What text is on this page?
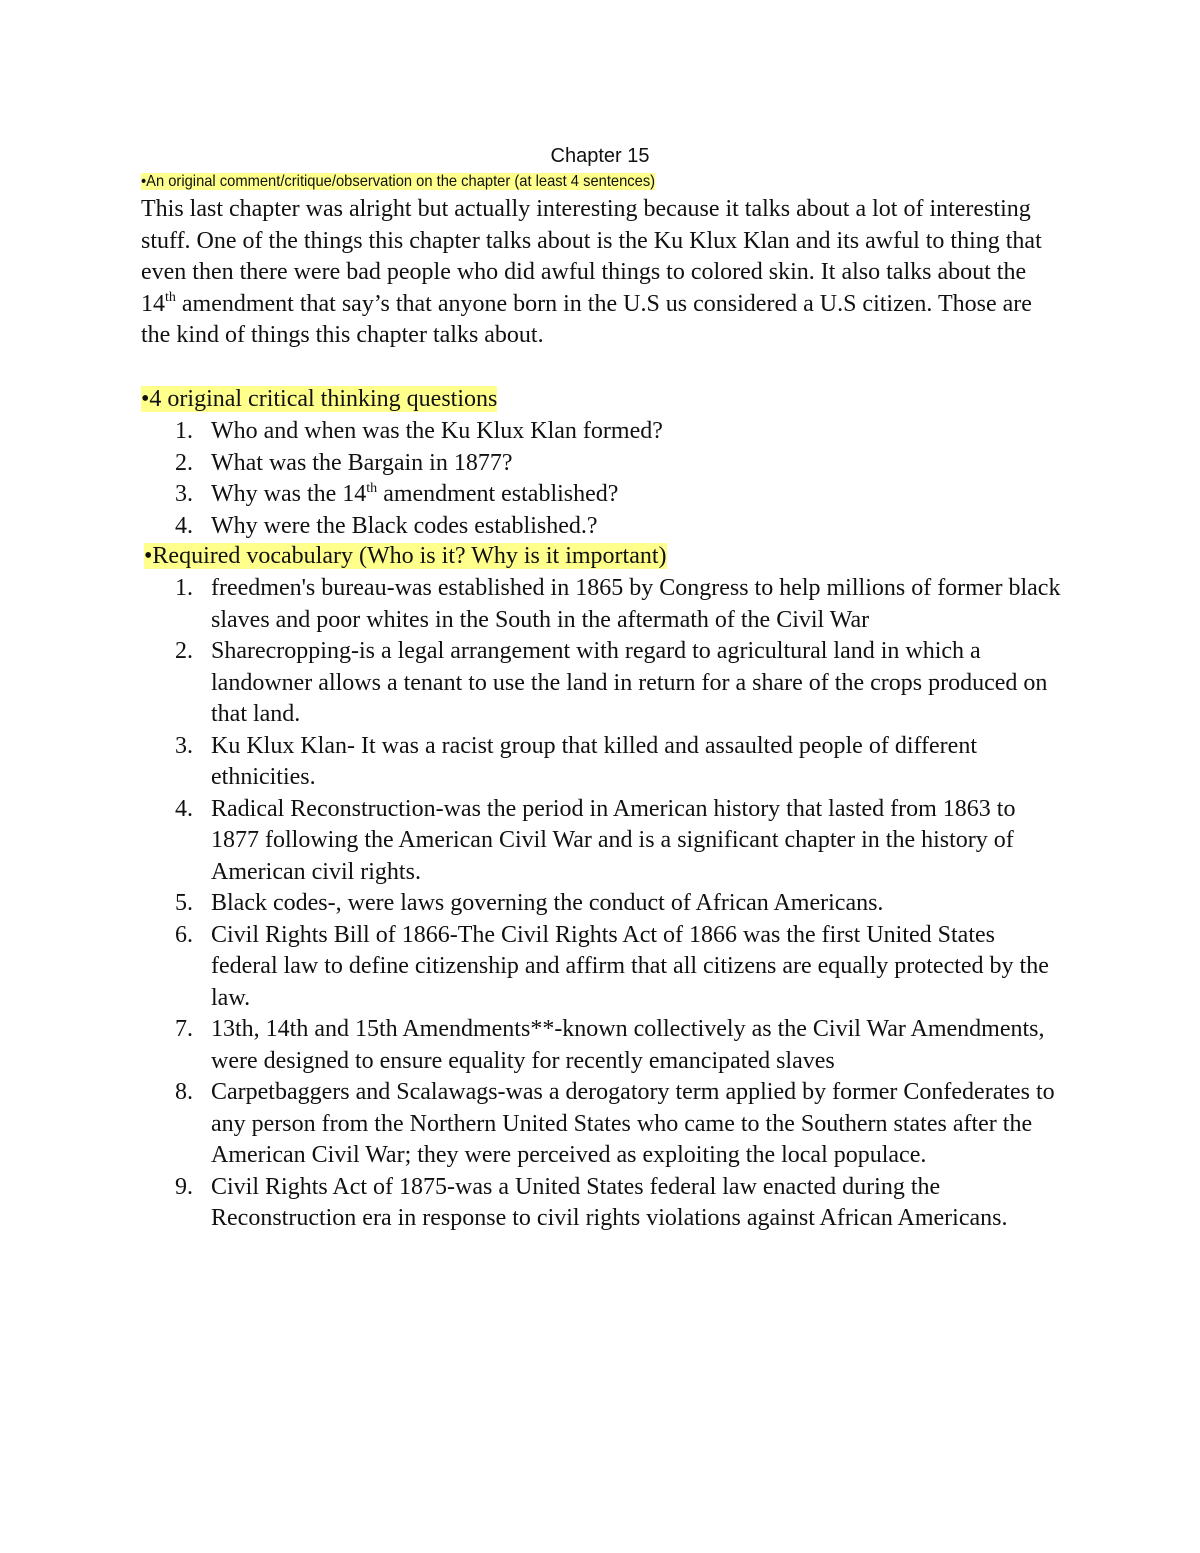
Chapter 15
•An original comment/critique/observation on the chapter (at least 4 sentences)

This last chapter was alright but actually interesting because it talks about a lot of interesting stuff. One of the things this chapter talks about is the Ku Klux Klan and its awful to thing that even then there were bad people who did awful things to colored skin. It also talks about the 14th amendment that say’s that anyone born in the U.S us considered a U.S citizen. Those are the kind of things this chapter talks about.

•4 original critical thinking questions
1. Who and when was the Ku Klux Klan formed?
2. What was the Bargain in 1877?
3. Why was the 14th amendment established?
4. Why were the Black codes established.?
•Required vocabulary (Who is it? Why is it important)
1. freedmen's bureau-was established in 1865 by Congress to help millions of former black slaves and poor whites in the South in the aftermath of the Civil War
2. Sharecropping-is a legal arrangement with regard to agricultural land in which a landowner allows a tenant to use the land in return for a share of the crops produced on that land.
3. Ku Klux Klan- It was a racist group that killed and assaulted people of different ethnicities.
4. Radical Reconstruction-was the period in American history that lasted from 1863 to 1877 following the American Civil War and is a significant chapter in the history of American civil rights.
5. Black codes-, were laws governing the conduct of African Americans.
6. Civil Rights Bill of 1866-The Civil Rights Act of 1866 was the first United States federal law to define citizenship and affirm that all citizens are equally protected by the law.
7. 13th, 14th and 15th Amendments**-known collectively as the Civil War Amendments, were designed to ensure equality for recently emancipated slaves
8. Carpetbaggers and Scalawags-was a derogatory term applied by former Confederates to any person from the Northern United States who came to the Southern states after the American Civil War; they were perceived as exploiting the local populace.
9. Civil Rights Act of 1875-was a United States federal law enacted during the Reconstruction era in response to civil rights violations against African Americans.
